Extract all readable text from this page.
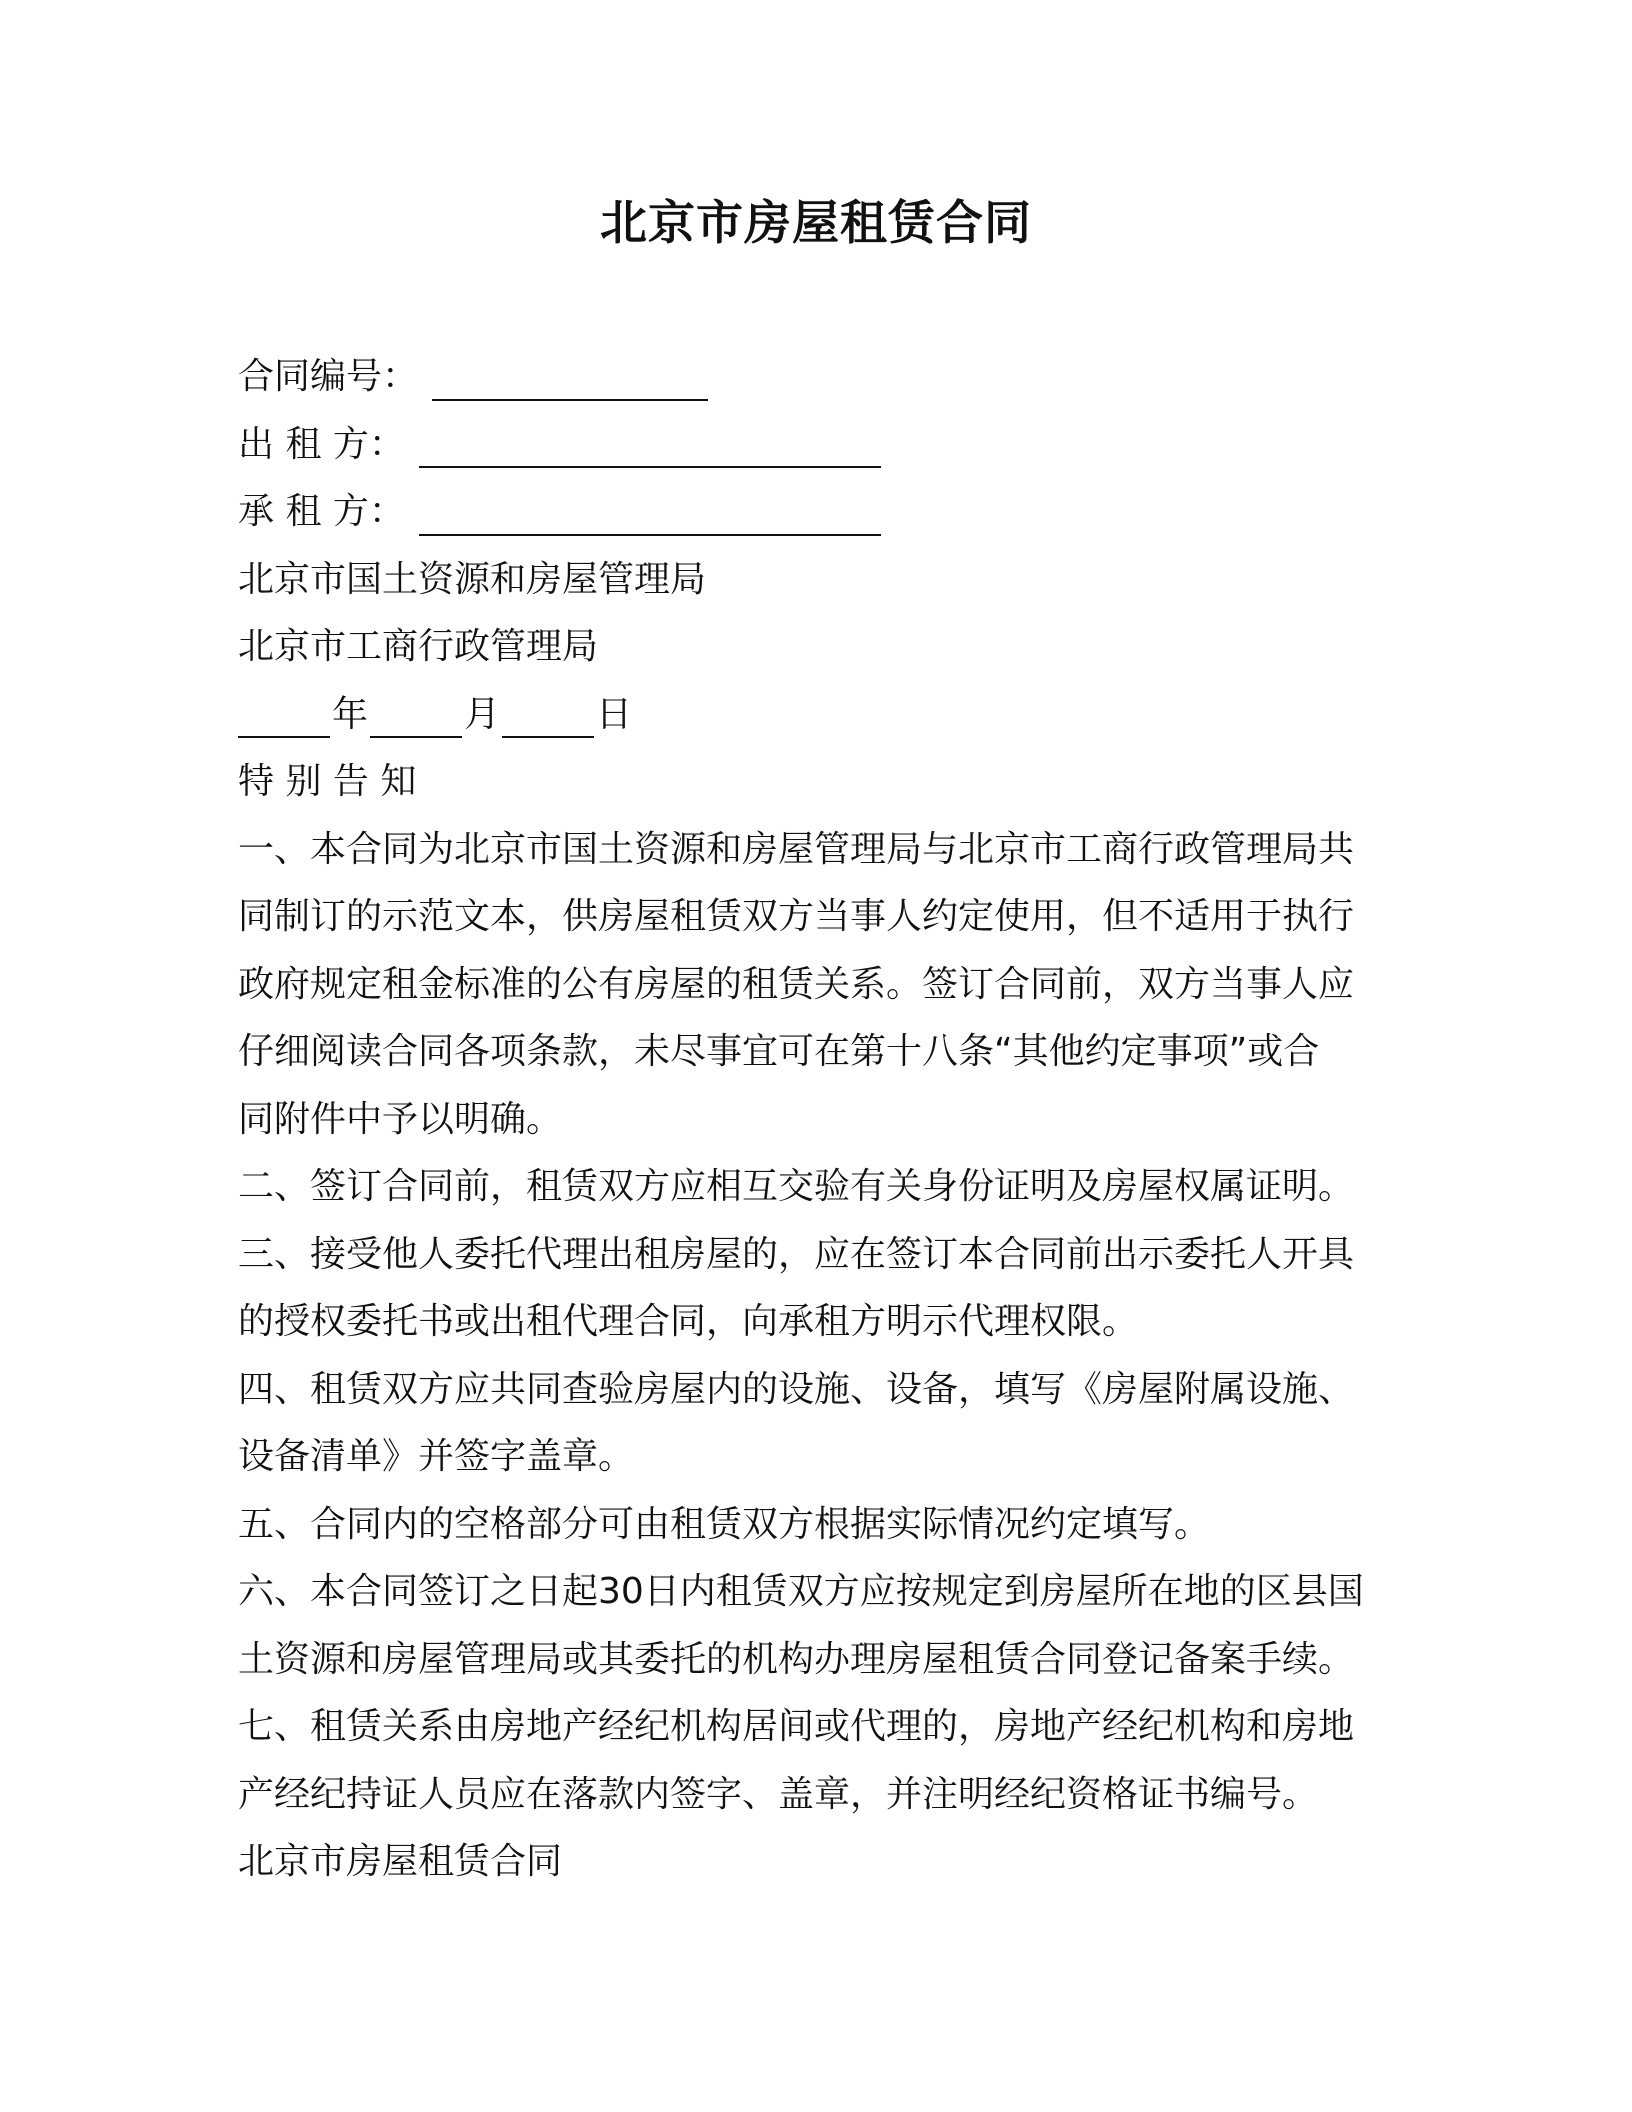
北京市房屋租赁合同
合同编号：
出 租 方：
承 租 方：
北京市国土资源和房屋管理局
北京市工商行政管理局
年	月	日
特 别 告 知
一、本合同为北京市国土资源和房屋管理局与北京市工商行政管理局共
同制订的示范文本，供房屋租赁双方当事人约定使用，但不适用于执行
政府规定租金标准的公有房屋的租赁关系。签订合同前，双方当事人应
仔细阅读合同各项条款，未尽事宜可在第十八条“其他约定事项”或合
同附件中予以明确。
二、签订合同前，租赁双方应相互交验有关身份证明及房屋权属证明。
三、接受他人委托代理出租房屋的，应在签订本合同前出示委托人开具
的授权委托书或出租代理合同，向承租方明示代理权限。
四、租赁双方应共同查验房屋内的设施、设备，填写《房屋附属设施、
设备清单》并签字盖章。
五、合同内的空格部分可由租赁双方根据实际情况约定填写。
六、本合同签订之日起30日内租赁双方应按规定到房屋所在地的区县国
土资源和房屋管理局或其委托的机构办理房屋租赁合同登记备案手续。
七、租赁关系由房地产经纪机构居间或代理的，房地产经纪机构和房地
产经纪持证人员应在落款内签字、盖章，并注明经纪资格证书编号。
北京市房屋租赁合同
